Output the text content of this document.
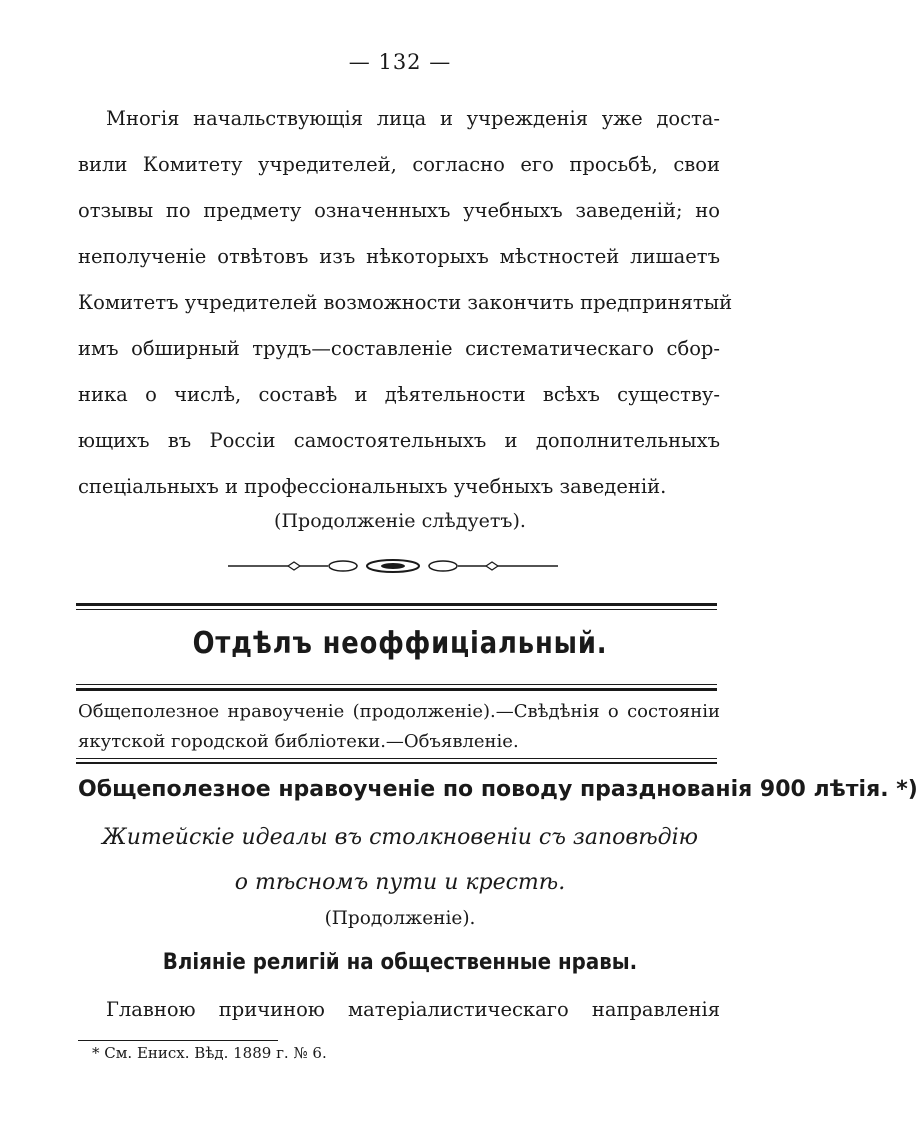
— 132 —
Многія начальствующія лица и учрежденія уже доста-
вили Комитету учредителей, согласно его просьбѣ, свои
отзывы по предмету означенныхъ учебныхъ заведеній; но
неполученіе отвѣтовъ изъ нѣкоторыхъ мѣстностей лишаетъ
Комитетъ учредителей возможности закончить предпринятый
имъ обширный трудъ—составленіе систематическаго сбор-
ника о числѣ, составѣ и дѣятельности всѣхъ существу-
ющихъ въ Россіи самостоятельныхъ и дополнительныхъ
спеціальныхъ и профессіональныхъ учебныхъ заведеній.
(Продолженіе слѣдуетъ).
Отдѣлъ неоффиціальный.
Общеполезное нравоученіе (продолженіе).—Свѣдѣнія о состояніи
якутской городской библіотеки.—Объявленіе.
Общеполезное нравоученіе по поводу празднованія 900 лѣтія. *)
Житейскіе идеалы въ столкновеніи съ заповѣдію
о тѣсномъ пути и крестѣ.
(Продолженіе).
Вліяніе религій на общественные нравы.
Главною причиною матеріалистическаго направленія
* См. Енисх. Вѣд. 1889 г. № 6.
